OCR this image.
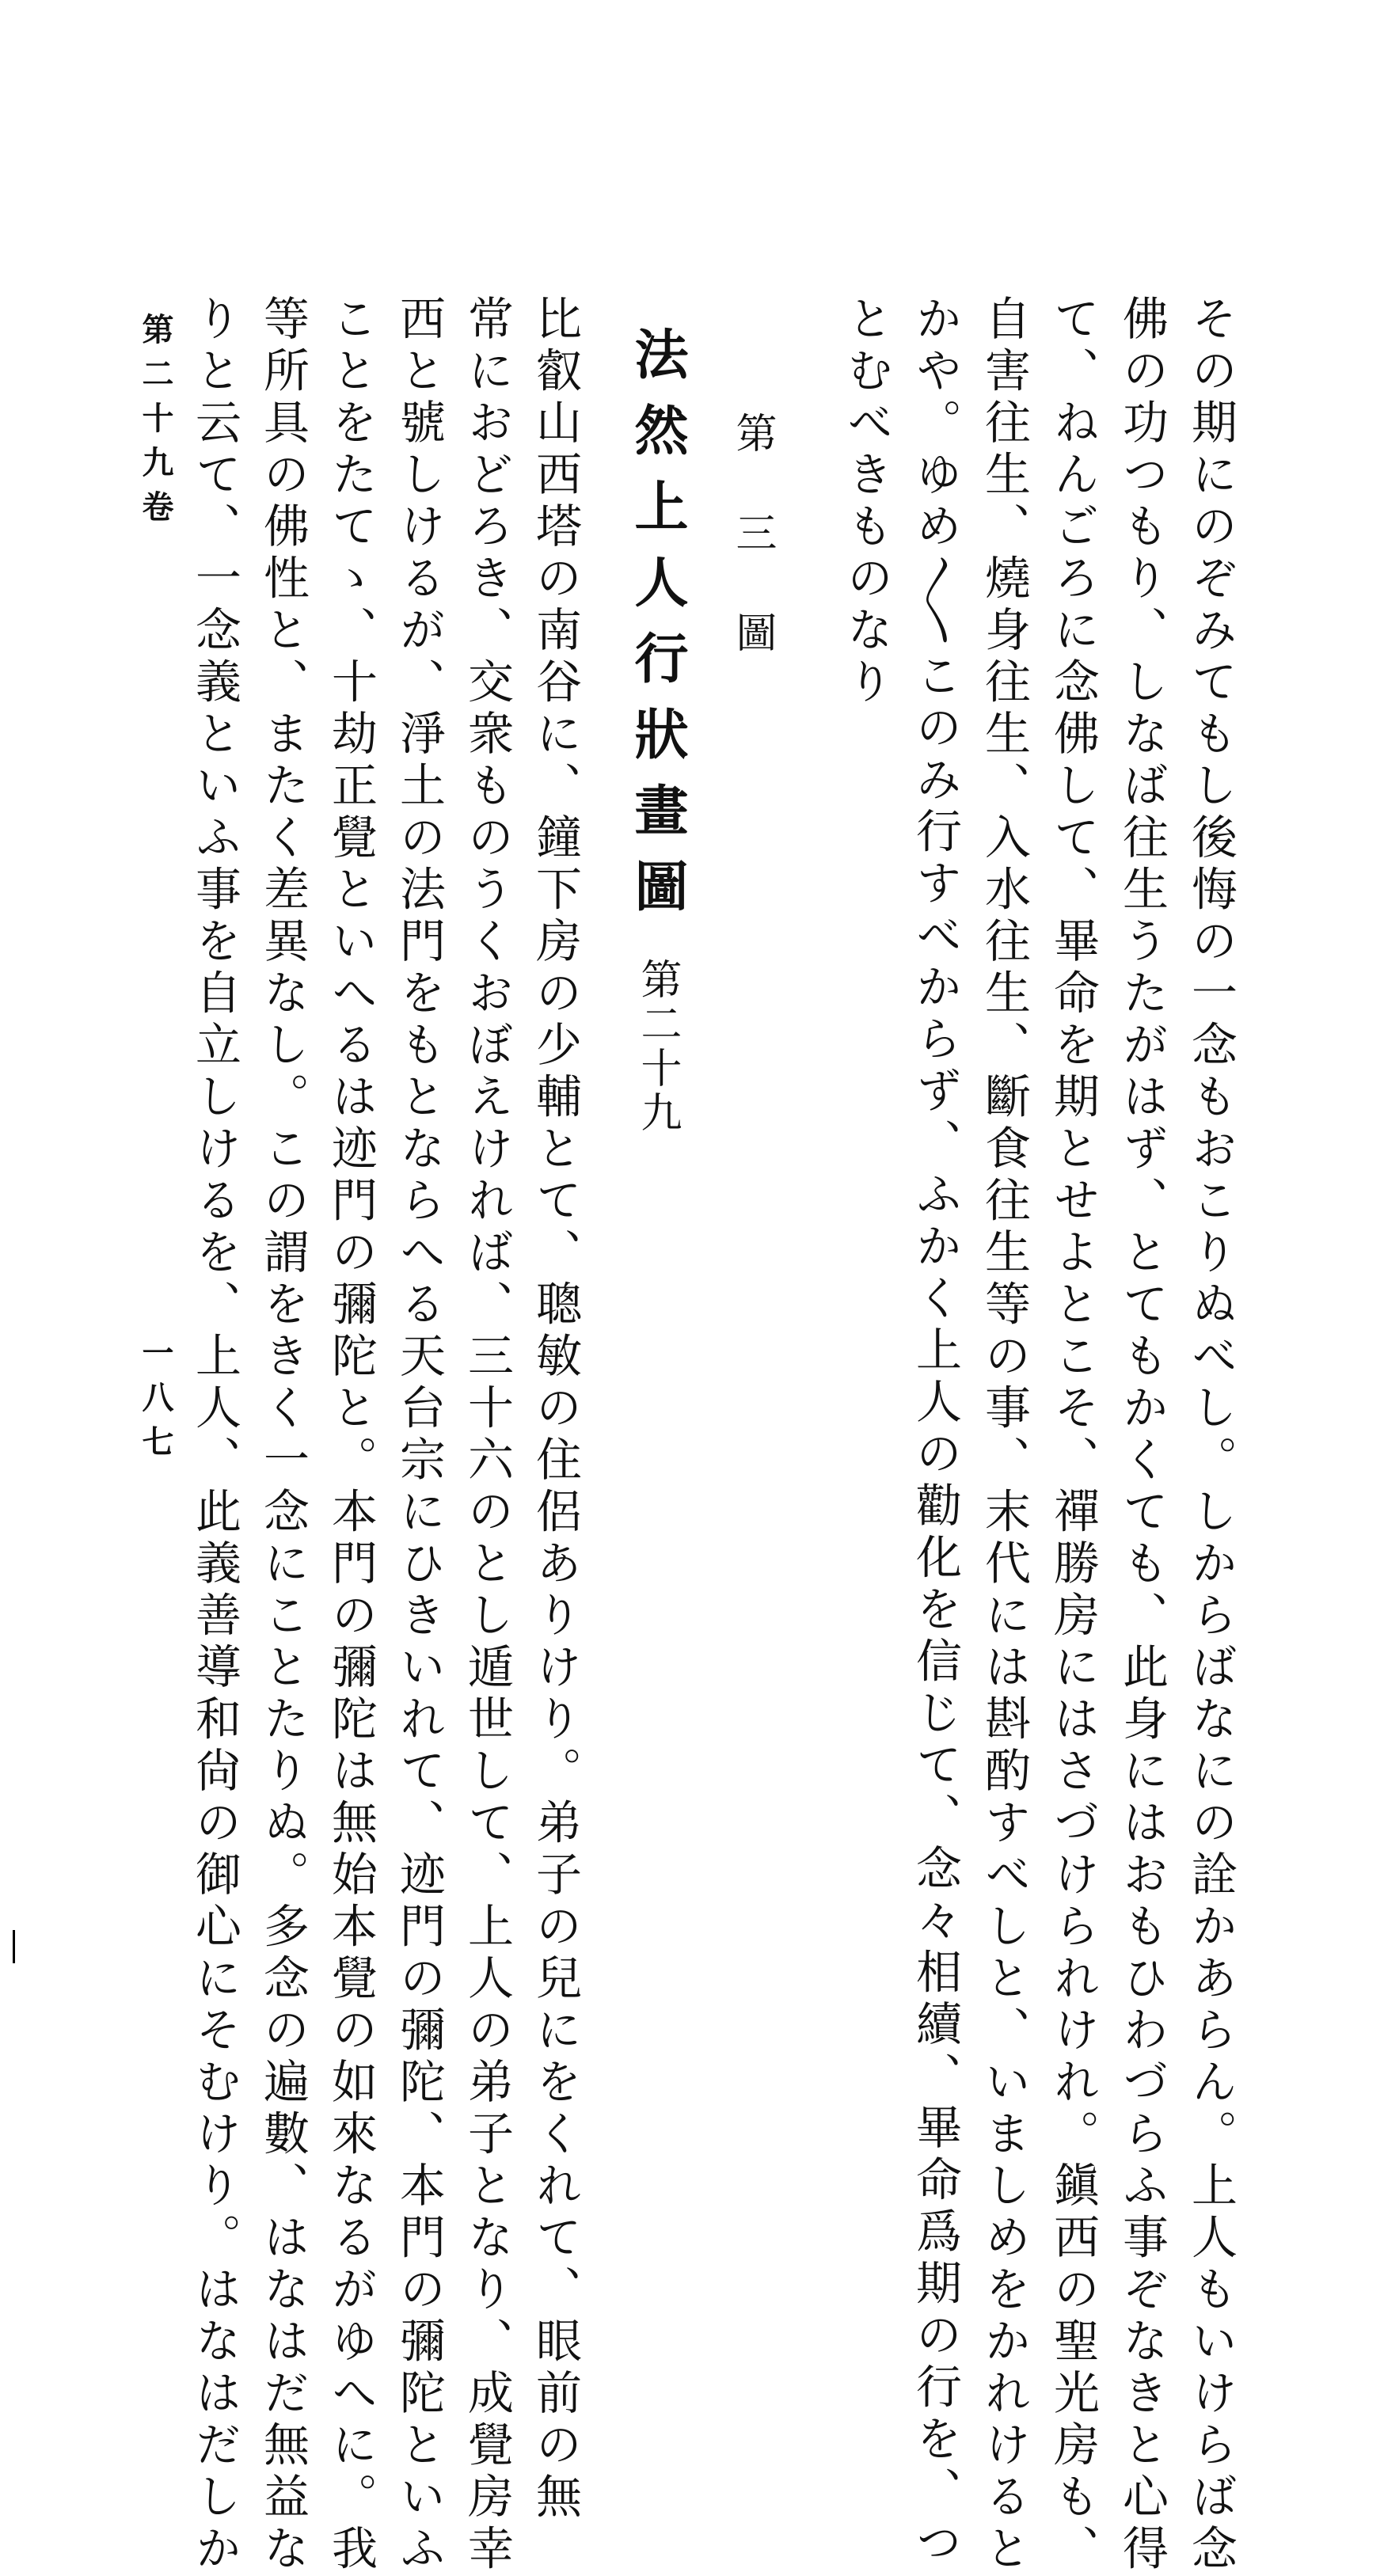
その期にのぞみてもし後悔の一念もおこりぬべし。しからばなにの詮かあらん。上人もいけらば念
佛の功つもり、しなば往生うたがはず、とてもかくても、此身にはおもひわづらふ事ぞなきと心得
て、ねんごろに念佛して、畢命を期とせよとこそ、禪勝房にはさづけられけれ。鎭西の聖光房も、
自害往生、燒身往生、入水往生、斷食往生等の事、末代には斟酌すべしと、いましめをかれけると
かや。ゆめ〳〵このみ行すべからず、ふかく上人の勸化を信じて、念々相續、畢命爲期の行を、つ
とむべきものなり
第三圖
法然上人行狀畫圖第二十九
比叡山西塔の南谷に、鐘下房の少輔とて、聰敏の住侶ありけり。弟子の兒にをくれて、眼前の無
常におどろき、交衆ものうくおぼえければ、三十六のとし遁世して、上人の弟子となり、成覺房幸
西と號しけるが、淨土の法門をもとならへる天台宗にひきいれて、迹門の彌陀、本門の彌陀といふ
ことをたてゝ、十劫正覺といへるは迹門の彌陀と。本門の彌陀は無始本覺の如來なるがゆへに。我
等所具の佛性と、またく差異なし。この謂をきく一念にことたりぬ。多念の遍數、はなはだ無益な
りと云て、一念義といふ事を自立しけるを、上人、此義善導和尙の御心にそむけり。はなはだしか
第二十九卷
一八七
